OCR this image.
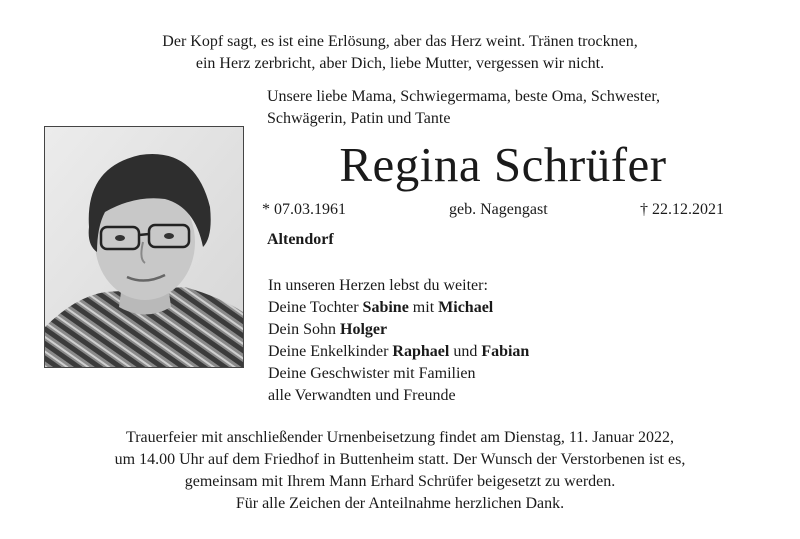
Der Kopf sagt, es ist eine Erlösung, aber das Herz weint. Tränen trocknen,
ein Herz zerbricht, aber Dich, liebe Mutter, vergessen wir nicht.
Unsere liebe Mama, Schwiegermama, beste Oma, Schwester,
Schwägerin, Patin und Tante
Regina Schrüfer
* 07.03.1961	geb. Nagengast	† 22.12.2021
Altendorf
In unseren Herzen lebst du weiter:
Deine Tochter Sabine mit Michael
Dein Sohn Holger
Deine Enkelkinder Raphael und Fabian
Deine Geschwister mit Familien
alle Verwandten und Freunde
Trauerfeier mit anschließender Urnenbeisetzung findet am Dienstag, 11. Januar 2022,
um 14.00 Uhr auf dem Friedhof in Buttenheim statt. Der Wunsch der Verstorbenen ist es,
gemeinsam mit Ihrem Mann Erhard Schrüfer beigesetzt zu werden.
Für alle Zeichen der Anteilnahme herzlichen Dank.
